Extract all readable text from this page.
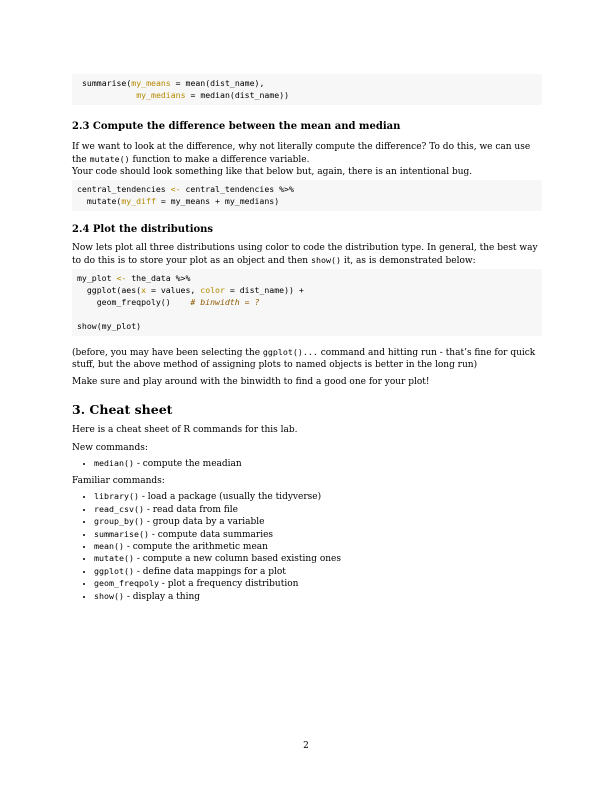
summarise(my_means = mean(dist_name),
my_medians = median(dist_name))
2.3 Compute the difference between the mean and median

If we want to look at the difference, why not literally compute the difference? To do this, we can use the mutate() function to make a difference variable.

Your code should look something like that below but, again, there is an intentional bug.

central_tendencies <- central_tendencies %>%
mutate(my_diff = my_means + my_medians)
2.4 Plot the distributions

Now lets plot all three distributions using color to code the distribution type. In general, the best way to do this is to store your plot as an object and then show() it, as is demonstrated below:

my_plot <- the_data %>%
ggplot(aes(x = values, color = dist_name)) +
geom_freqpoly()    # binwidth = ?

show(my_plot)

(before, you may have been selecting the ggplot()... command and hitting run - that’s fine for quick stuff, but the above method of assigning plots to named objects is better in the long run)

Make sure and play around with the binwidth to find a good one for your plot!

3. Cheat sheet

Here is a cheat sheet of R commands for this lab.

New commands:

• median() - compute the meadian

Familiar commands:

• library() - load a package (usually the tidyverse)
• read_csv() - read data from file
• group_by() - group data by a variable
• summarise() - compute data summaries
• mean() - compute the arithmetic mean
• mutate() - compute a new column based existing ones
• ggplot() - define data mappings for a plot
• geom_freqpoly - plot a frequency distribution
• show() - display a thing
2
